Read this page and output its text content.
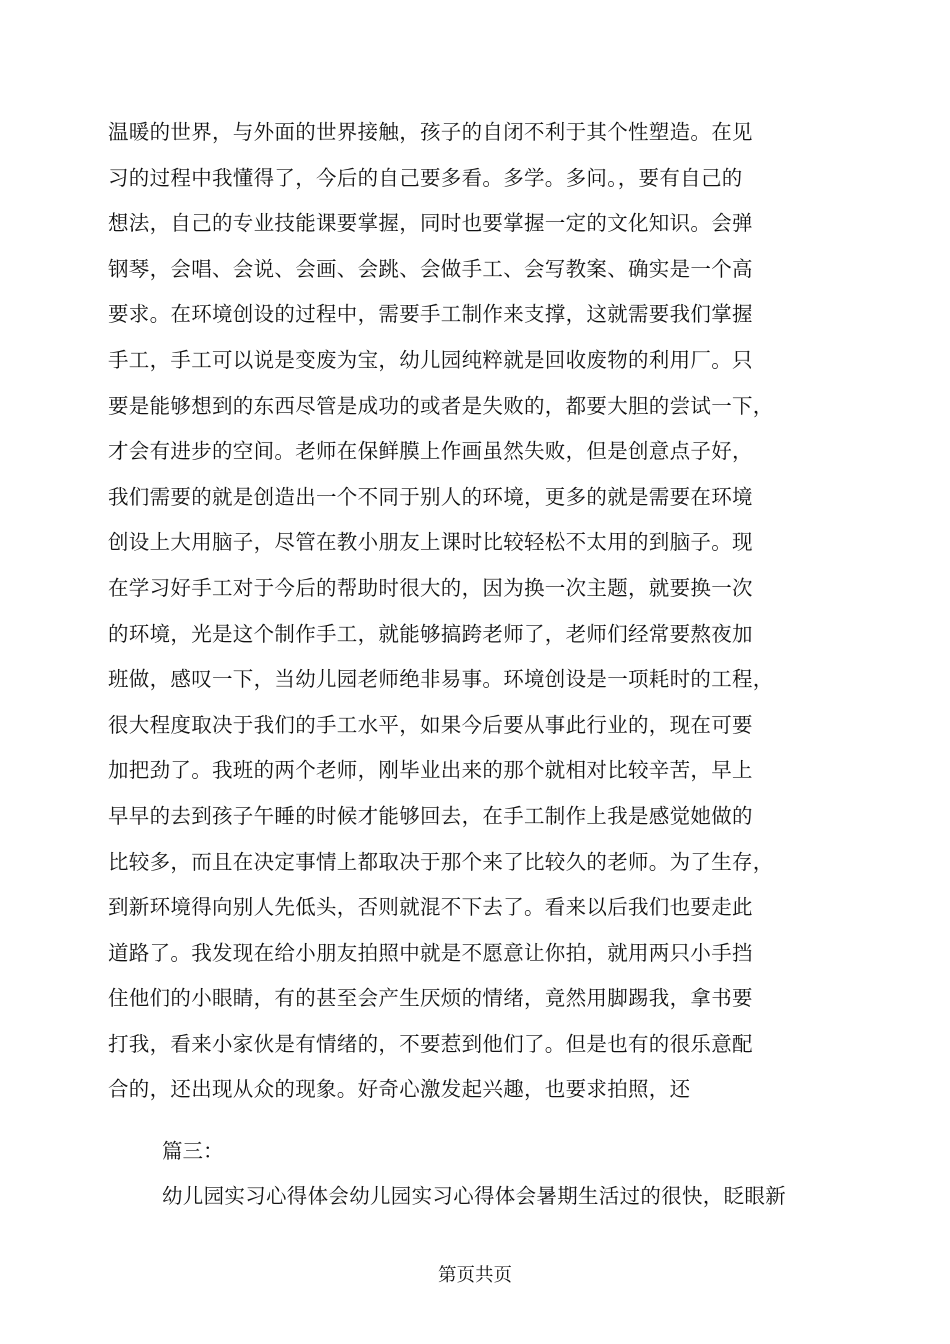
温暖的世界，与外面的世界接触，孩子的自闭不利于其个性塑造。在见
习的过程中我懂得了，今后的自己要多看。多学。多问。，要有自己的
想法，自己的专业技能课要掌握，同时也要掌握一定的文化知识。会弹
钢琴，会唱、会说、会画、会跳、会做手工、会写教案、确实是一个高
要求。在环境创设的过程中，需要手工制作来支撑，这就需要我们掌握
手工，手工可以说是变废为宝，幼儿园纯粹就是回收废物的利用厂。只
要是能够想到的东西尽管是成功的或者是失败的，都要大胆的尝试一下，
才会有进步的空间。老师在保鲜膜上作画虽然失败，但是创意点子好，
我们需要的就是创造出一个不同于别人的环境，更多的就是需要在环境
创设上大用脑子，尽管在教小朋友上课时比较轻松不太用的到脑子。现
在学习好手工对于今后的帮助时很大的，因为换一次主题，就要换一次
的环境，光是这个制作手工，就能够搞跨老师了，老师们经常要熬夜加
班做，感叹一下，当幼儿园老师绝非易事。环境创设是一项耗时的工程，
很大程度取决于我们的手工水平，如果今后要从事此行业的，现在可要
加把劲了。我班的两个老师，刚毕业出来的那个就相对比较辛苦，早上
早早的去到孩子午睡的时候才能够回去，在手工制作上我是感觉她做的
比较多，而且在决定事情上都取决于那个来了比较久的老师。为了生存，
到新环境得向别人先低头，否则就混不下去了。看来以后我们也要走此
道路了。我发现在给小朋友拍照中就是不愿意让你拍，就用两只小手挡
住他们的小眼睛，有的甚至会产生厌烦的情绪，竟然用脚踢我，拿书要
打我，看来小家伙是有情绪的，不要惹到他们了。但是也有的很乐意配
合的，还出现从众的现象。好奇心激发起兴趣，也要求拍照，还
篇三：
幼儿园实习心得体会幼儿园实习心得体会暑期生活过的很快，眨眼新
第页共页
